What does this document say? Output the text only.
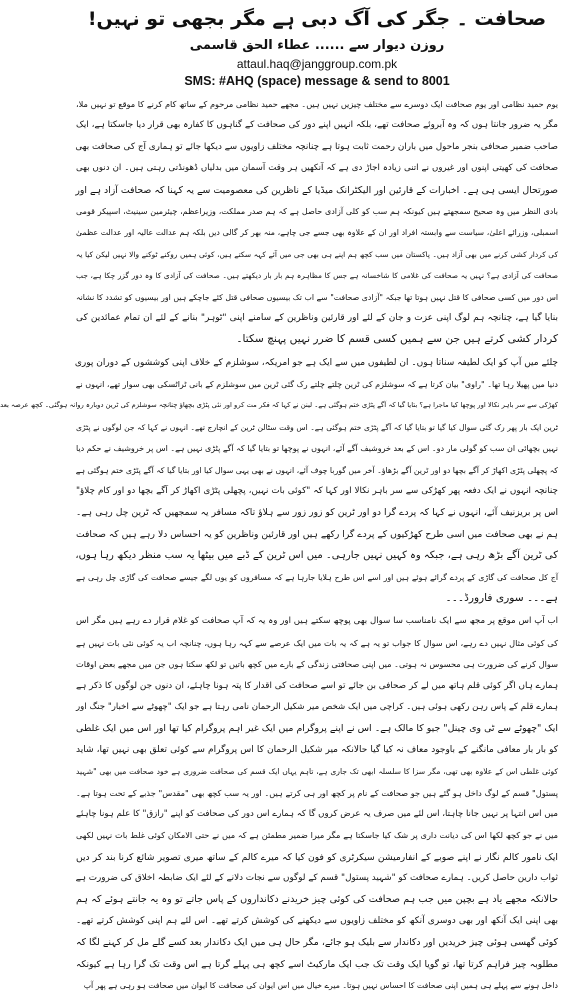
صحافت ۔ جگر کی آگ دبی ہے مگر بجھی تو نہیں!
روزن دیوار سے ...... عطاء الحق قاسمی
attaul.haq@janggroup.com.pk
SMS: #AHQ (space) message & send to 8001
یوم حمید نظامی اور یوم صحافت ایک دوسرے سے مختلف چیزیں نہیں ہیں۔ مجھے حمید نظامی مرحوم کے ساتھ کام کرنے کا موقع تو نہیں ملا،
مگر یہ ضرور جانتا ہوں کہ وہ آبروئے صحافت تھے، بلکہ انہیں اپنے دور کی صحافت کے گناہوں کا کفارہ بھی قرار دیا جاسکتا ہے، ایک
صاحب ضمیر صحافی بنجر ماحول میں باران رحمت ثابت ہوتا ہے چنانچہ مختلف زاویوں سے دیکھا جائے تو ہماری آج کی صحافت بھی
صحافت کی کھیتی اپنوں اور غیروں نے اتنی زیادہ اجاڑ دی ہے کہ آنکھیں ہر وقت آسمان میں بدلیاں ڈھونڈتی رہتی ہیں۔ ان دنوں بھی
صورتحال ایسی ہی ہے۔ اخبارات کے قارئین اور الیکٹرانک میڈیا کے ناظرین کی معصومیت سے یہ کہنا کہ صحافت آزاد ہے اور
بادی النظر میں وہ صحیح سمجھتے ہیں کیونکہ ہم سب کو کلی آزادی حاصل ہے کہ ہم صدر مملکت، وزیراعظم، چیئرمین سینیٹ، اسپیکر قومی
اسمبلی، وزرائے اعلیٰ، سیاست سے وابستہ افراد اور ان کے علاوہ بھی جسے جی چاہے، منہ بھر کر گالی دیں بلکہ ہم عدالت عالیہ اور عدالت عظمیٰ
کی کردار کشی کرنے میں بھی آزاد ہیں۔ پاکستان میں سب کچھ ہم اپنے ہی بھی جی میں آئے کہہ سکتے ہیں، کوئی ہمیں روکنے ٹوکنے والا نہیں لیکن کیا یہ
صحافت کی آزادی ہے؟ نہیں یہ صحافت کی غلامی کا شاخسانہ ہے جس کا مظاہرہ ہم بار بار دیکھتے ہیں۔ صحافت کی آزادی کا وہ دور گزر چکا ہے، جب
اس دور میں کسی صحافی کا قتل نہیں ہوتا تھا جبکہ "آزادی صحافت" سے اب تک بیسیوں صحافی قتل کئے جاچکے ہیں اور بیسیوں کو تشدد کا نشانہ
بنایا گیا ہے، چنانچہ ہم لوگ اپنی عزت و جان کے لئے اور قارئین وناظرین کے سامنے اپنی "ٹوہر" بنانے کے لئے ان تمام عمائدین کی
کردار کشی کرتے ہیں جن سے ہمیں کسی قسم کا ضرر نہیں پہنچ سکتا۔
چلئے میں آپ کو ایک لطیفہ سناتا ہوں۔ ان لطیفوں میں سے ایک ہے جو امریکہ، سوشلزم کے خلاف اپنی کوششوں کے دوران پوری
دنیا میں پھیلا رہا تھا۔ "راوی" بیان کرتا ہے کہ سوشلزم کی ٹرین چلتے چلتے رک گئی ٹرین میں سوشلزم کے بانی ٹراٹسکی بھی سوار تھے، انہوں نے
کھڑکی سے سر باہر نکالا اور پوچھا کیا ماجرا ہے؟ بتایا گیا کہ آگے پٹڑی ختم ہوگئی ہے۔ لینن نے کہا کہ فکر مت کرو اور نئی پٹڑی بچھاؤ چنانچہ سوشلزم کی ٹرین دوبارہ روانہ ہوگئی۔ کچھ عرصہ بعد
ٹرین ایک بار پھر رک گئی سوال کیا گیا تو بتایا گیا کہ آگے پٹڑی ختم ہوگئی ہے۔ اس وقت سٹالن ٹرین کے انچارج تھے۔ انہوں نے کہا کہ جن لوگوں نے پٹڑی
نہیں بچھائی ان سب کو گولی مار دو۔ اس کے بعد خروشیف آگے آئے، انہوں نے پوچھا تو بتایا گیا کہ آگے پٹڑی نہیں ہے۔ اس پر خروشیف نے حکم دیا
کہ پچھلی پٹڑی اکھاڑ کر آگے بچھا دو اور ٹرین آگے بڑھاؤ۔ آخر میں گوربا چوف آئے، انہوں نے بھی یہی سوال کیا اور بتایا گیا کہ آگے پٹڑی ختم ہوگئی ہے
چنانچہ انہوں نے ایک دفعہ پھر کھڑکی سے سر باہر نکالا اور کہا کہ "کوئی بات نہیں، پچھلی پٹڑی اکھاڑ کر آگے بچھا دو اور کام چلاؤ"
اس پر بریزنیف آئے، انہوں نے کہا کہ پردے گرا دو اور ٹرین کو زور زور سے ہلاؤ تاکہ مسافر یہ سمجھیں کہ ٹرین چل رہی ہے۔
ہم نے بھی صحافت میں اسی طرح کھڑکیوں کے پردے گرا رکھے ہیں اور قارئین وناظرین کو یہ احساس دلا رہے ہیں کہ صحافت
کی ٹرین آگے بڑھ رہی ہے، جبکہ وہ کہیں نہیں جارہی۔ میں اس ٹرین کے ڈبے میں بیٹھا یہ سب منظر دیکھ رہا ہوں،
آج کل صحافت کی گاڑی کے پردے گرائے ہوئے ہیں اور اسے اس طرح ہلایا جارہا ہے کہ مسافروں کو یوں لگے جیسے صحافت کی گاڑی چل رہی ہے
ہے۔۔۔ سوری فارورڈ۔۔۔
اب آپ اس موقع پر مجھ سے ایک نامناسب سا سوال بھی پوچھ سکتے ہیں اور وہ یہ کہ آپ صحافت کو غلام قرار دے رہے ہیں مگر اس
کی کوئی مثال نہیں دے رہے، اس سوال کا جواب تو یہ ہے کہ یہ بات میں ایک عرصے سے کہہ رہا ہوں، چنانچہ اب یہ کوئی نئی بات نہیں ہے
سوال کرنے کی ضرورت ہی محسوس نہ ہوتی۔ میں اپنی صحافتی زندگی کے بارے میں کچھ باتیں تو لکھ سکتا ہوں جن میں مجھے بعض اوقات
ہمارے ہاں اگر کوئی قلم ہاتھ میں لے کر صحافی بن جائے تو اسے صحافت کی اقدار کا پتہ ہونا چاہئے، ان دنوں جن لوگوں کا ذکر ہے
ہمارے قلم کے پاس رہن رکھی ہوئی ہیں۔ کراچی میں ایک شخص میر شکیل الرحمان نامی رہتا ہے جو ایک "چھوٹے سے اخبار" جنگ اور
ایک "چھوٹے سے ٹی وی چینل" جیو کا مالک ہے۔ اس نے اپنے پروگرام میں ایک غیر اہم پروگرام کیا تھا اور اس میں ایک غلطی
کو بار بار معافی مانگنے کے باوجود معاف نہ کیا گیا حالانکہ میر شکیل الرحمان کا اس پروگرام سے کوئی تعلق بھی نہیں تھا، شاید
کوئی غلطی اس کے علاوہ بھی تھی، مگر سزا کا سلسلہ ابھی تک جاری ہے، تاہم یہاں ایک قسم کی صحافت ضروری ہے خود صحافت میں بھی "شہید
پستول" قسم کے لوگ داخل ہو گئے ہیں جو صحافت کے نام پر کچھ اور ہی کرتے ہیں۔ اور یہ سب کچھ بھی "مقدس" جذبے کے تحت ہوتا ہے۔
میں اس انتہا پر نہیں جانا چاہتا، اس لئے میں صرف یہ عرض کروں گا کہ ہمارے اس دور کی صحافت کو اپنے "رازق" کا علم ہونا چاہئے
میں نے جو کچھ لکھا اس کی دیانت داری پر شک کیا جاسکتا ہے مگر میرا ضمیر مطمئن ہے کہ میں نے حتی الامکان کوئی غلط بات نہیں لکھی
ایک نامور کالم نگار نے اپنے صوبے کے انفارمیشن سیکرٹری کو فون کیا کہ میرے کالم کے ساتھ میری تصویر شائع کرنا بند کر دیں
ثواب دارین حاصل کریں۔ ہمارے صحافت کو "شہید پستول" قسم کے لوگوں سے نجات دلانے کے لئے ایک ضابطہ اخلاق کی ضرورت ہے
حالانکہ مجھے یاد ہے بچپن میں جب ہم صحافت کی کوئی چیز خریدنے دکانداروں کے پاس جاتے تو وہ یہ جانتے ہوئے کہ ہم
بھی اپنی ایک آنکھ اور بھی دوسری آنکھ کو مختلف زاویوں سے دیکھنے کی کوشش کرتے تھے۔ اس لئے ہم اپنی کوشش کرتے تھے۔
کوئی گھسی ہوئی چیز خریدیں اور دکاندار سے بلیک ہو جائے، مگر حال ہی میں ایک دکاندار بعد کسے گلے مل کر کہنے لگا کہ
مطلوبہ چیز فراہم کرتا تھا، تو گویا ایک وقت تک جب ایک مارکیٹ اسے کچھ ہی پہلے گرتا ہے اس وقت تک گرا رہا ہے کیونکہ
داخل ہونے سے پہلے ہی ہمیں اپنی صحافت کا احساس نہیں ہوتا۔ میرے خیال میں اس ایوان کی صحافت کا ایوان میں صحافت ہو رہی ہے پھر آپ
